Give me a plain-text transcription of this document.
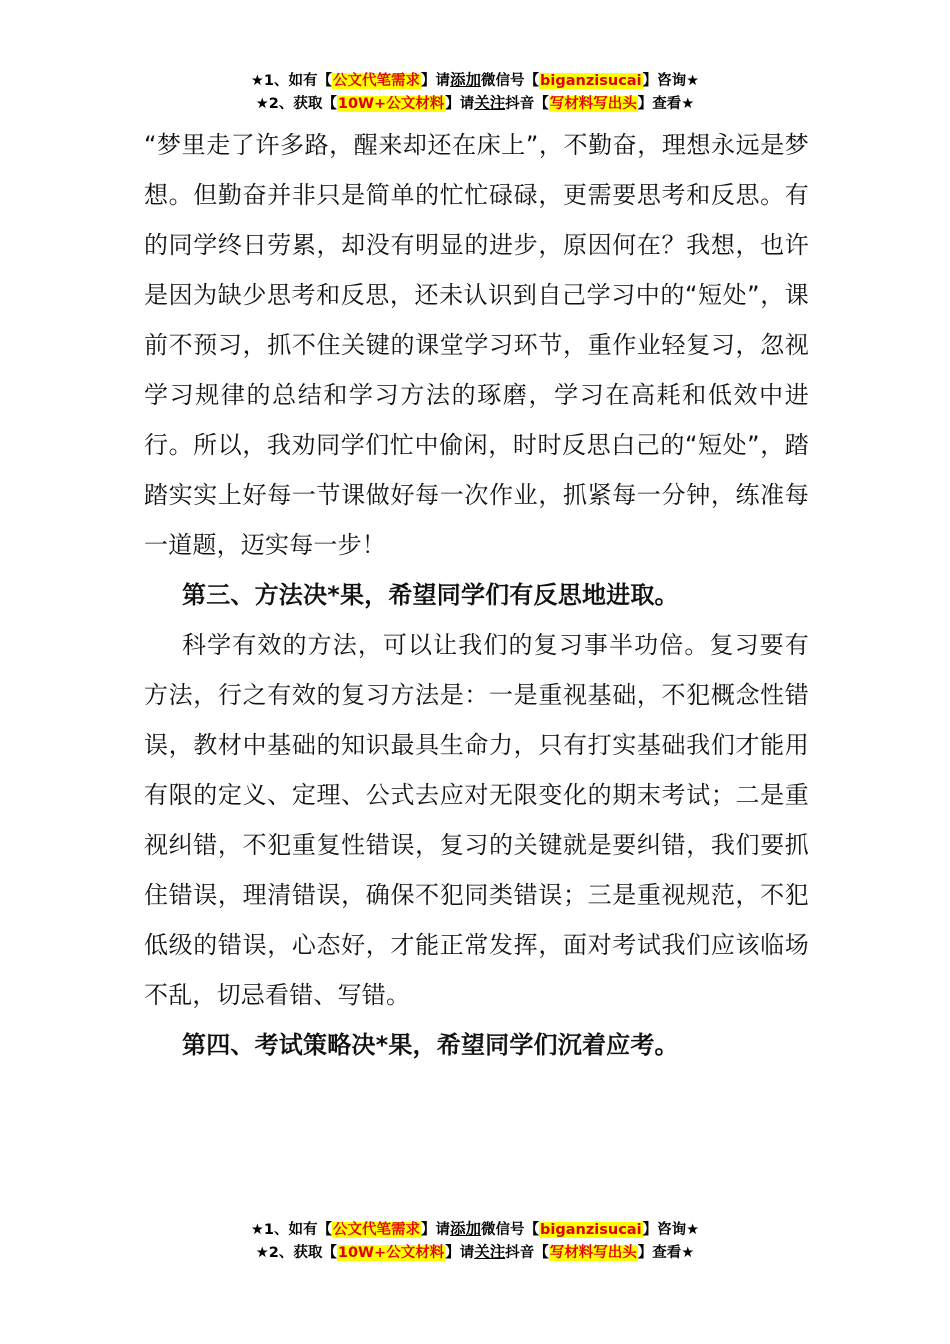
★1、如有【公文代笔需求】请添加微信号【biganzisucai】咨询★
★2、获取【10W+公文材料】请关注抖音【写材料写出头】查看★

“梦里走了许多路，醒来却还在床上”，不勤奋，理想永远是梦想。但勤奋并非只是简单的忙忙碌碌，更需要思考和反思。有的同学终日劳累，却没有明显的进步，原因何在？我想，也许是因为缺少思考和反思，还未认识到自己学习中的“短处”，课前不预习，抓不住关键的课堂学习环节，重作业轻复习，忽视学习规律的总结和学习方法的琢磨，学习在高耗和低效中进行。所以，我劝同学们忙中偷闲，时时反思白己的“短处”，踏踏实实上好每一节课做好每一次作业，抓紧每一分钟，练准每一道题，迈实每一步！

第三、方法决*果，希望同学们有反思地进取。

科学有效的方法，可以让我们的复习事半功倍。复习要有方法，行之有效的复习方法是：一是重视基础，不犯概念性错误，教材中基础的知识最具生命力，只有打实基础我们才能用有限的定义、定理、公式去应对无限变化的期末考试；二是重视纠错，不犯重复性错误，复习的关键就是要纠错，我们要抓住错误，理清错误，确保不犯同类错误；三是重视规范，不犯低级的错误，心态好，才能正常发挥，面对考试我们应该临场不乱，切忌看错、写错。

第四、考试策略决*果，希望同学们沉着应考。

★1、如有【公文代笔需求】请添加微信号【biganzisucai】咨询★
★2、获取【10W+公文材料】请关注抖音【写材料写出头】查看★
